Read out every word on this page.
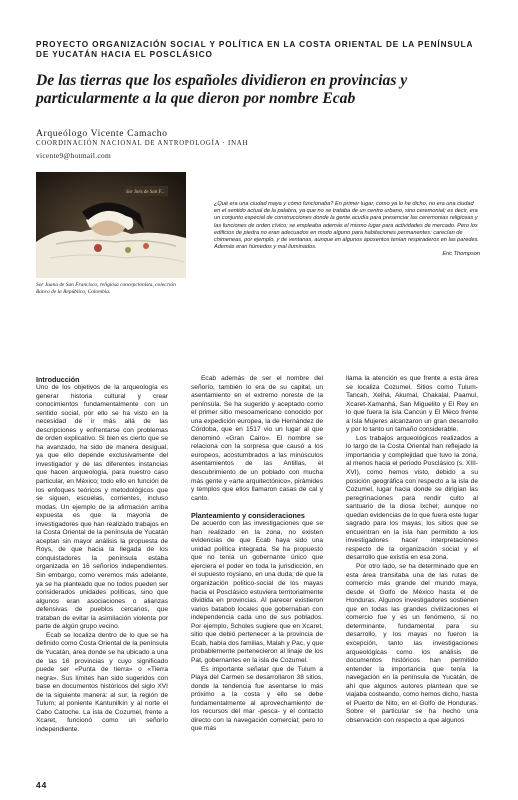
PROYECTO ORGANIZACIÓN SOCIAL Y POLÍTICA EN LA COSTA ORIENTAL DE LA PENÍNSULA DE YUCATÁN HACIA EL POSCLÁSICO
De las tierras que los españoles dividieron en provincias y particularmente a la que dieron por nombre Ecab
Arqueólogo Vicente Camacho
COORDINACIÓN NACIONAL DE ANTROPOLOGÍA · INAH
vicente9@hotmail.com
Sor Inés de San F...
Sor Juana de San Francisco, religiosa concepcionista, colección Banco de la República, Colombia.
¿Qué era una ciudad maya y cómo funcionaba? En primer lugar, como ya lo he dicho, no era una ciudad en el sentido actual de la palabra, ya que no se trataba de un centro urbano, sino ceremonial; es decir, era un conjunto especial de construcciones donde la gente acudía para presenciar las ceremonias religiosas y las funciones de orden cívico; se empleaba además el mismo lugar para actividades de mercado. Pero los edificios de piedra no eran adecuados en modo alguno para habitaciones permanentes: carecían de chimeneas, por ejemplo, y de ventanas, aunque en algunos aposentos tenían respiraderos en las paredes. Además eran húmedos y mal iluminados.
Eric Thompson
Introducción

Uno de los objetivos de la arqueología es generar historia cultural y crear conocimientos fundamentalmente con un sentido social, por ello se ha visto en la necesidad de ir más allá de las descripciones y enfrentarse con problemas de orden explicativo. Si bien es cierto que se ha avanzado, ha sido de manera desigual, ya que ello depende exclusivamente del investigador y de las diferentes instancias que hacen arqueología, para nuestro caso particular, en México; todo ello en función de los enfoques teóricos y metodológicos que se siguen, escuelas, corrientes, incluso modas. Un ejemplo de la afirmación arriba expuesta es que la mayoría de investigadores que han realizado trabajos en la Costa Oriental de la península de Yucatán aceptan sin mayor análisis la propuesta de Roys, de que hacia la llegada de los conquistadores la península estaba organizada en 16 señoríos independientes. Sin embargo, como veremos más adelante, ya se ha planteado que no todos pueden ser considerados unidades políticas, sino que algunos eran asociaciones o alianzas defensivas de pueblos cercanos, que trataban de evitar la asimilación violenta por parte de algún grupo vecino.

Ecab se localiza dentro de lo que se ha definido como Costa Oriental de la península de Yucatán, área donde se ha ubicado a una de las 16 provincias y cuyo significado puede ser «Punta de tierra» o «Tierra negra». Sus límites han sido sugeridos con base en documentos históricos del siglo XVI de la siguiente manera: al sur, la región de Tulum; al poniente Kantunilkín y al norte el Cabo Catoche. La isla de Cozumel, frente a Xcaret, funcionó como un señorío independiente.

Ecab además de ser el nombre del señorío, también lo era de su capital, un asentamiento en el extremo noreste de la península. Se ha sugerido y aceptado como el primer sitio mesoamericano conocido por una expedición europea, la de Hernández de Córdoba, que en 1517 vio un lugar al que denominó «Gran Cairo». El nombre se relaciona con la sorpresa que causó a los europeos, acostumbrados a las minúsculos asentamientos de las Antillas, el descubrimiento de un poblado con mucha más gente y «arte arquitectónico», pirámides y templos que ellos llamaron casas de cal y canto.

Planteamiento y consideraciones

De acuerdo con las investigaciones que se han realizado en la zona, no existen evidencias de que Ecab haya sido una unidad política integrada. Se ha propuesto que no tenía un gobernante único que ejerciera el poder en toda la jurisdicción, en el supuesto roysiano, en una duda; de que la organización político-social de los mayas hacia el Posclásico estuviera territorialmente dividida en provincias. Al parecer existieron varios batabob locales que gobernaban con independencia cada uno de sus poblados. Por ejemplo, Scholes sugiere que en Xcaret, sitio que debió pertenecer a la provincia de Ecab, había dos familias, Malah y Pac, y que probablemente pertenecieron al linaje de los Pat, gobernantes en la isla de Cozumel.

Es importante señalar que de Tulum a Playa del Carmen se desarrollaron 38 sitios, donde la tendencia fue asentarse lo más próximo a la costa y ello se debe fundamentalmente al aprovechamiento de los recursos del mar -pesca- y el contacto directo con la navegación comercial; pero lo que más

llama la atención es que frente a esta área se localiza Cozumel. Sitios como Tulum-Tancah, Xelhá, Akumal, Chakalal, Paamul, Xcaret-Xamanhá, San Miguelito y El Rey en lo que fuera la isla Cancún y El Meco frente a Isla Mujeres alcanzaron un gran desarrollo y por lo tanto un tamaño considerable.

Los trabajos arqueológicos realizados a lo largo de la Costa Oriental han reflejado la importancia y complejidad que tuvo la zona, al menos hacia el periodo Posclásico (s. XIII-XVI), como hemos visto, debido a su posición geográfica con respecto a la isla de Cozumel, lugar hacia donde se dirigían las peregrinaciones para rendir culto al santuario de la diosa Ixchel; aunque no quedan evidencias de lo que fuera este lugar sagrado para los mayas, los sitios que se encuentran en la isla han permitido a los investigadores hacer interpretaciones respecto de la organización social y el desarrollo que existía en esa zona.

Por otro lado, se ha determinado que en esta área transitaba una de las rutas de comercio más grande del mundo maya, desde el Golfo de México hasta el de Honduras. Algunos investigadores sostienen que en todas las grandes civilizaciones el comercio fue y es un fenómeno, si no determinante, fundamental para su desarrollo, y los mayas no fueron la excepción, tanto las investigaciones arqueológicas como los análisis de documentos históricos han permitido entender la importancia que tenía la navegación en la península de Yucatán, de ahí que algunos autores plantean que se viajaba costeando, como hemos dicho, hasta el Puerto de Nito, en el Golfo de Honduras. Sobre el particular se ha hecho una observación con respecto a que algunos

44
